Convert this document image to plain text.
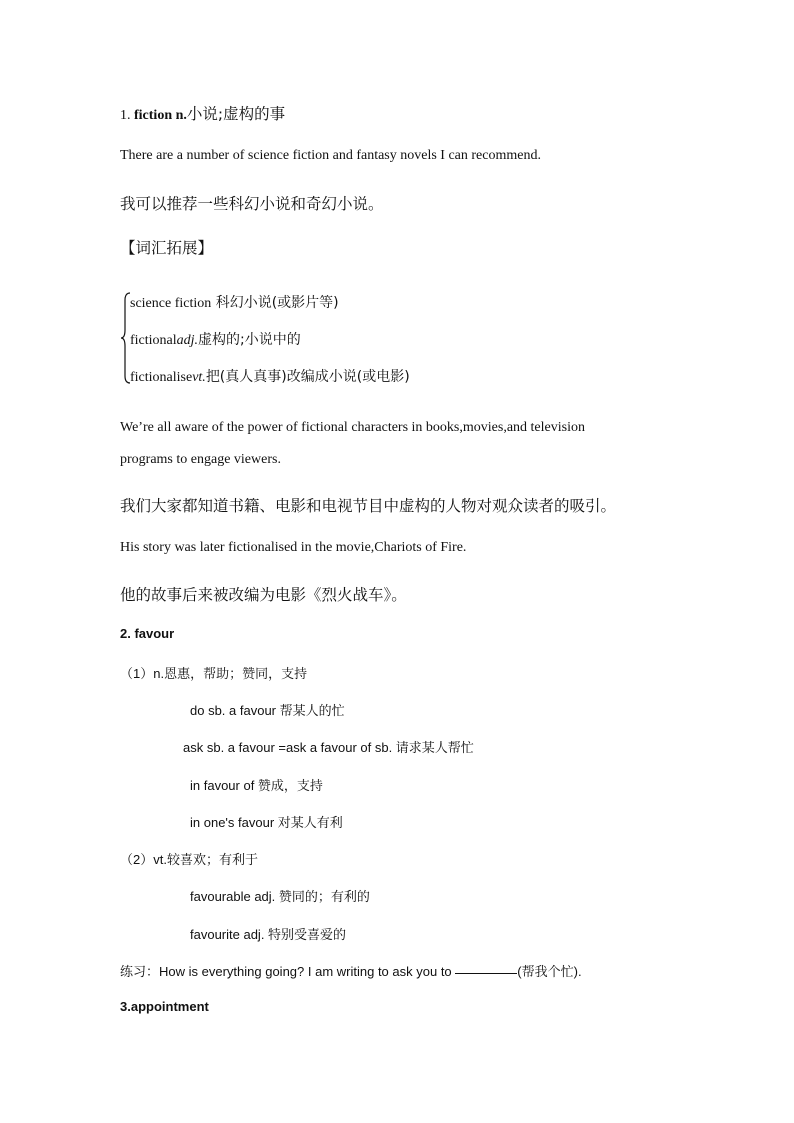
1. fiction n.小说;虚构的事
There are a number of science fiction and fantasy novels I can recommend.
我可以推荐一些科幻小说和奇幻小说。
【词汇拓展】
science fiction 科幻小说(或影片等)
fictionaladj.虚构的;小说中的
fictionalisevt.把(真人真事)改编成小说(或电影)
We’re all aware of the power of fictional characters in books,movies,and television
programs to engage viewers.
我们大家都知道书籍、电影和电视节目中虚构的人物对观众读者的吸引。
His story was later fictionalised in the movie,Chariots of Fire.
他的故事后来被改编为电影《烈火战车》。
2. favour
（1）n.恩惠，帮助；赞同，支持
do sb. a favour 帮某人的忙
ask sb. a favour =ask a favour of sb. 请求某人帮忙
in favour of 赞成，支持
in one's favour 对某人有利
（2）vt.较喜欢；有利于
favourable adj. 赞同的；有利的
favourite adj. 特别受喜爱的
练习：How is everything going? I am writing to ask you to	(帮我个忙).
3.appointment
